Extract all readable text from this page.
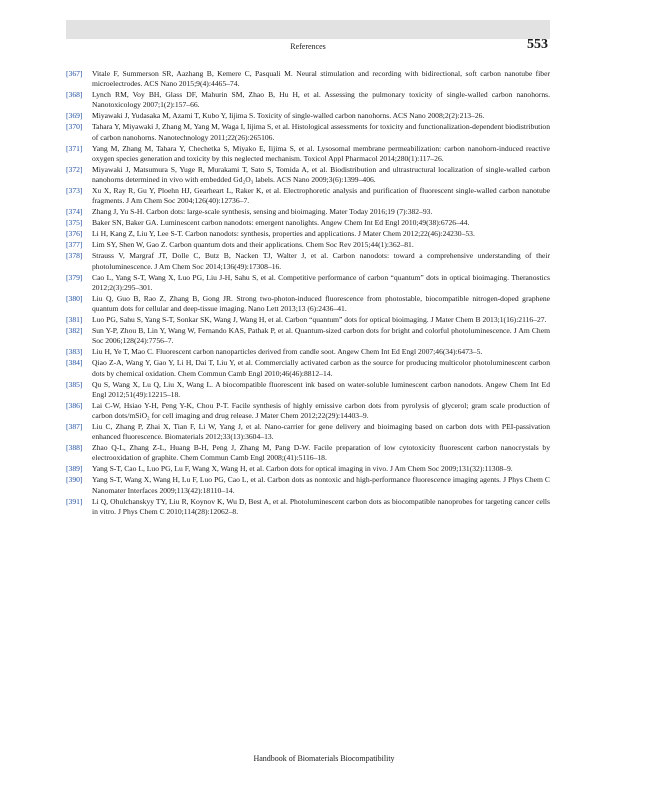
References	553
[367] Vitale F, Summerson SR, Aazhang B, Kemere C, Pasquali M. Neural stimulation and recording with bidirectional, soft carbon nanotube fiber microelectrodes. ACS Nano 2015;9(4):4465–74.
[368] Lynch RM, Voy BH, Glass DF, Mahurin SM, Zhao B, Hu H, et al. Assessing the pulmonary toxicity of single-walled carbon nanohorns. Nanotoxicology 2007;1(2):157–66.
[369] Miyawaki J, Yudasaka M, Azami T, Kubo Y, Iijima S. Toxicity of single-walled carbon nanohorns. ACS Nano 2008;2(2):213–26.
[370] Tahara Y, Miyawaki J, Zhang M, Yang M, Waga I, Iijima S, et al. Histological assessments for toxicity and functionalization-dependent biodistribution of carbon nanohorns. Nanotechnology 2011;22(26):265106.
[371] Yang M, Zhang M, Tahara Y, Chechetka S, Miyako E, Iijima S, et al. Lysosomal membrane permeabilization: carbon nanohorn-induced reactive oxygen species generation and toxicity by this neglected mechanism. Toxicol Appl Pharmacol 2014;280(1):117–26.
[372] Miyawaki J, Matsumura S, Yuge R, Murakami T, Sato S, Tomida A, et al. Biodistribution and ultrastructural localization of single-walled carbon nanohorns determined in vivo with embedded Gd₂O₃ labels. ACS Nano 2009;3(6):1399–406.
[373] Xu X, Ray R, Gu Y, Ploehn HJ, Gearheart L, Raker K, et al. Electrophoretic analysis and purification of fluorescent single-walled carbon nanotube fragments. J Am Chem Soc 2004;126(40):12736–7.
[374] Zhang J, Yu S-H. Carbon dots: large-scale synthesis, sensing and bioimaging. Mater Today 2016;19 (7):382–93.
[375] Baker SN, Baker GA. Luminescent carbon nanodots: emergent nanolights. Angew Chem Int Ed Engl 2010;49(38):6726–44.
[376] Li H, Kang Z, Liu Y, Lee S-T. Carbon nanodots: synthesis, properties and applications. J Mater Chem 2012;22(46):24230–53.
[377] Lim SY, Shen W, Gao Z. Carbon quantum dots and their applications. Chem Soc Rev 2015;44(1):362–81.
[378] Strauss V, Margraf JT, Dolle C, Butz B, Nacken TJ, Walter J, et al. Carbon nanodots: toward a comprehensive understanding of their photoluminescence. J Am Chem Soc 2014;136(49):17308–16.
[379] Cao L, Yang S-T, Wang X, Luo PG, Liu J-H, Sahu S, et al. Competitive performance of carbon “quantum” dots in optical bioimaging. Theranostics 2012;2(3):295–301.
[380] Liu Q, Guo B, Rao Z, Zhang B, Gong JR. Strong two-photon-induced fluorescence from photostable, biocompatible nitrogen-doped graphene quantum dots for cellular and deep-tissue imaging. Nano Lett 2013;13 (6):2436–41.
[381] Luo PG, Sahu S, Yang S-T, Sonkar SK, Wang J, Wang H, et al. Carbon “quantum” dots for optical bioimaging. J Mater Chem B 2013;1(16):2116–27.
[382] Sun Y-P, Zhou B, Lin Y, Wang W, Fernando KAS, Pathak P, et al. Quantum-sized carbon dots for bright and colorful photoluminescence. J Am Chem Soc 2006;128(24):7756–7.
[383] Liu H, Ye T, Mao C. Fluorescent carbon nanoparticles derived from candle soot. Angew Chem Int Ed Engl 2007;46(34):6473–5.
[384] Qiao Z-A, Wang Y, Gao Y, Li H, Dai T, Liu Y, et al. Commercially activated carbon as the source for producing multicolor photoluminescent carbon dots by chemical oxidation. Chem Commun Camb Engl 2010;46(46):8812–14.
[385] Qu S, Wang X, Lu Q, Liu X, Wang L. A biocompatible fluorescent ink based on water-soluble luminescent carbon nanodots. Angew Chem Int Ed Engl 2012;51(49):12215–18.
[386] Lai C-W, Hsiao Y-H, Peng Y-K, Chou P-T. Facile synthesis of highly emissive carbon dots from pyrolysis of glycerol; gram scale production of carbon dots/mSiO₂ for cell imaging and drug release. J Mater Chem 2012;22(29):14403–9.
[387] Liu C, Zhang P, Zhai X, Tian F, Li W, Yang J, et al. Nano-carrier for gene delivery and bioimaging based on carbon dots with PEI-passivation enhanced fluorescence. Biomaterials 2012;33(13):3604–13.
[388] Zhao Q-L, Zhang Z-L, Huang B-H, Peng J, Zhang M, Pang D-W. Facile preparation of low cytotoxicity fluorescent carbon nanocrystals by electrooxidation of graphite. Chem Commun Camb Engl 2008;(41):5116–18.
[389] Yang S-T, Cao L, Luo PG, Lu F, Wang X, Wang H, et al. Carbon dots for optical imaging in vivo. J Am Chem Soc 2009;131(32):11308–9.
[390] Yang S-T, Wang X, Wang H, Lu F, Luo PG, Cao L, et al. Carbon dots as nontoxic and high-performance fluorescence imaging agents. J Phys Chem C Nanomater Interfaces 2009;113(42):18110–14.
[391] Li Q, Ohulchanskyy TY, Liu R, Koynov K, Wu D, Best A, et al. Photoluminescent carbon dots as biocompatible nanoprobes for targeting cancer cells in vitro. J Phys Chem C 2010;114(28):12062–8.
Handbook of Biomaterials Biocompatibility
